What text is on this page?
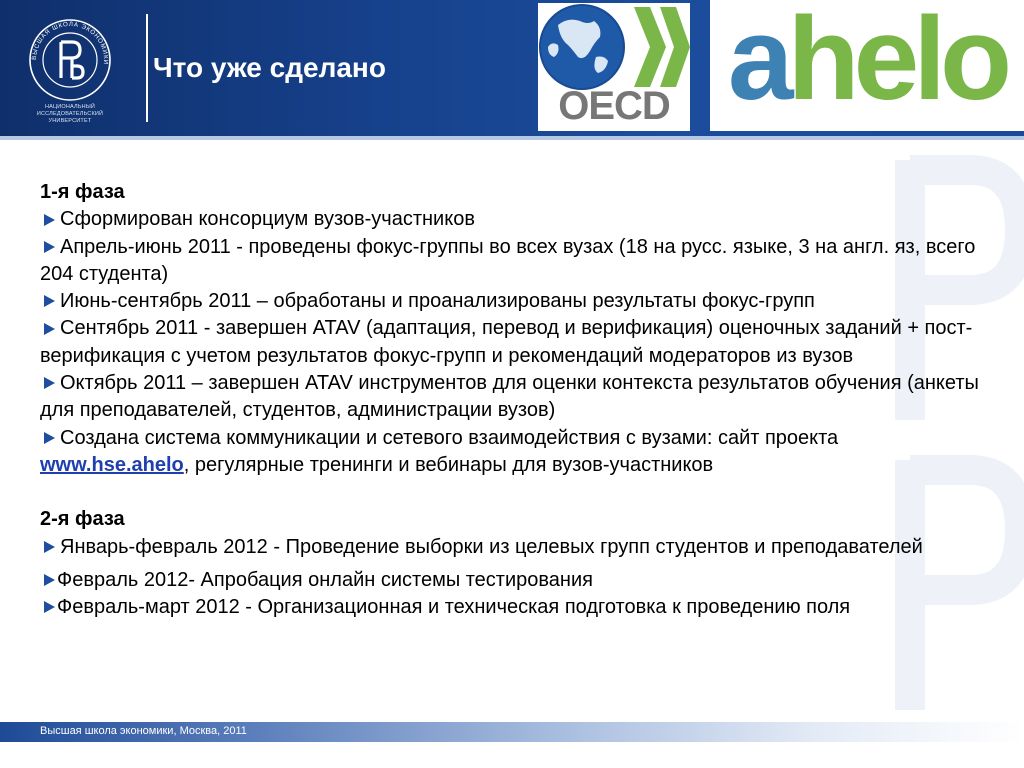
ВЫСШАЯ ШКОЛА ЭКОНОМИКИ
НАЦИОНАЛЬНЫЙ ИССЛЕДОВАТЕЛЬСКИЙ УНИВЕРСИТЕТ
Что уже сделано
OECD ahelo
1-я фаза
Сформирован консорциум вузов-участников
Апрель-июнь 2011 - проведены фокус-группы во всех вузах (18 на русс. языке, 3 на англ. яз, всего 204 студента)
Июнь-сентябрь 2011 – обработаны и проанализированы результаты фокус-групп
Сентябрь 2011 - завершен ATAV (адаптация, перевод и верификация) оценочных заданий + пост-верификация с учетом результатов фокус-групп и рекомендаций модераторов из вузов
Октябрь 2011 – завершен ATAV инструментов для оценки контекста результатов обучения (анкеты для преподавателей, студентов, администрации вузов)
Создана система коммуникации и сетевого взаимодействия с вузами: сайт проекта
www.hse.ahelo, регулярные тренинги и вебинары для вузов-участников
2-я фаза
Январь-февраль 2012 - Проведение выборки из целевых групп студентов и преподавателей
Февраль 2012- Апробация онлайн системы тестирования
Февраль-март 2012 - Организационная и техническая подготовка к проведению поля
Высшая школа экономики, Москва, 2011
